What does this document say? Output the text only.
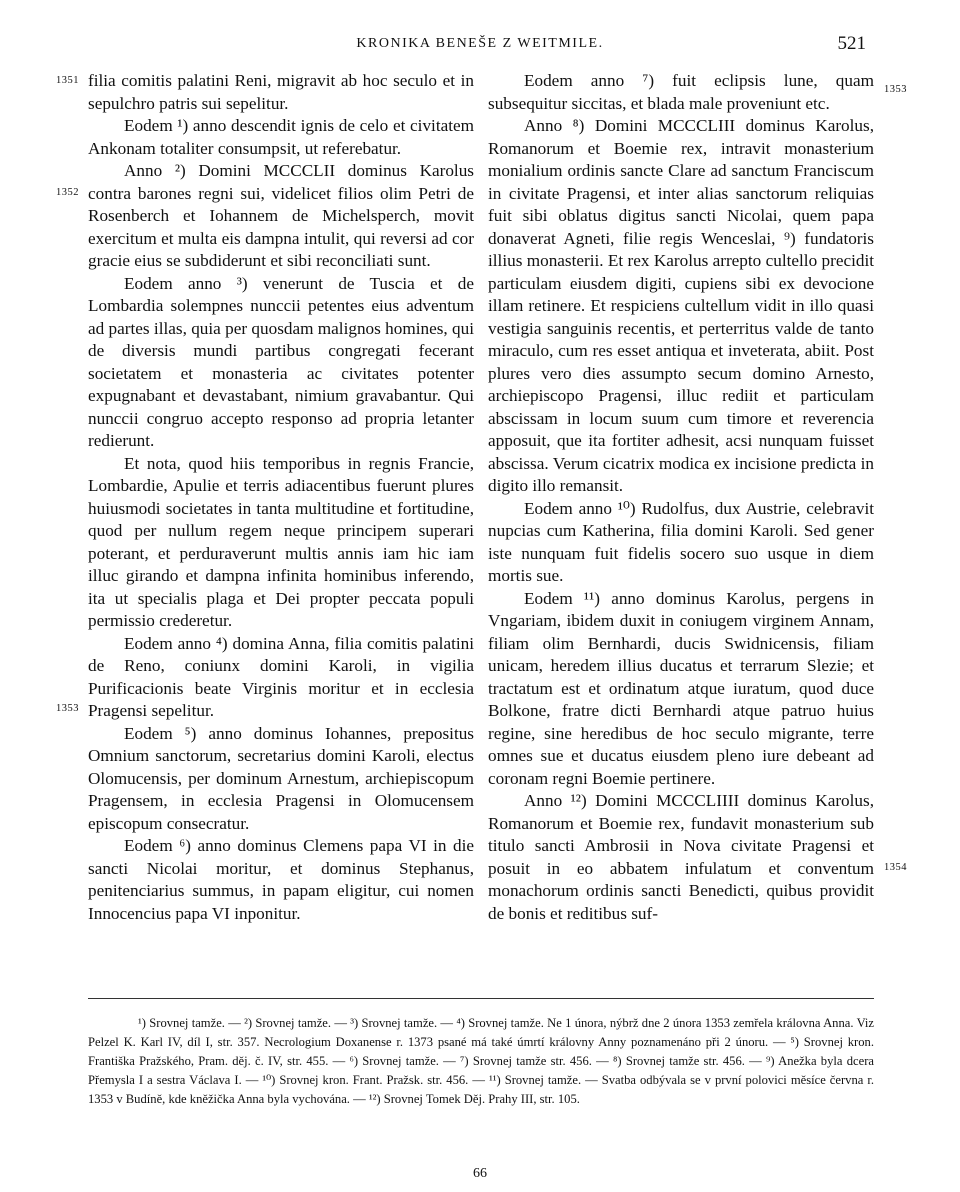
KRONIKA BENEŠE Z WEITMILE.	521
1351
1352
1353
1353
1354

filia comitis palatini Reni, migravit ab hoc seculo et in sepulchro patris sui sepelitur.

Eodem ¹) anno descendit ignis de celo et civitatem Ankonam totaliter consumpsit, ut referebatur.

Anno ²) Domini MCCCLII dominus Karolus contra barones regni sui, videlicet filios olim Petri de Rosenberch et Iohannem de Michelsperch, movit exercitum et multa eis dampna intulit, qui reversi ad cor gracie eius se subdiderunt et sibi reconciliati sunt.

Eodem anno ³) venerunt de Tuscia et de Lombardia solempnes nunccii petentes eius adventum ad partes illas, quia per quosdam malignos homines, qui de diversis mundi partibus congregati fecerant societatem et monasteria ac civitates potenter expugnabant et devastabant, nimium gravabantur. Qui nunccii congruo accepto responso ad propria letanter redierunt.

Et nota, quod hiis temporibus in regnis Francie, Lombardie, Apulie et terris adiacentibus fuerunt plures huiusmodi societates in tanta multitudine et fortitudine, quod per nullum regem neque principem superari poterant, et perduraverunt multis annis iam hic iam illuc girando et dampna infinita hominibus inferendo, ita ut specialis plaga et Dei propter peccata populi permissio crederetur.

Eodem anno ⁴) domina Anna, filia comitis palatini de Reno, coniunx domini Karoli, in vigilia Purificacionis beate Virginis moritur et in ecclesia Pragensi sepelitur.

Eodem ⁵) anno dominus Iohannes, prepositus Omnium sanctorum, secretarius domini Karoli, electus Olomucensis, per dominum Arnestum, archiepiscopum Pragensem, in ecclesia Pragensi in Olomucensem episcopum consecratur.

Eodem ⁶) anno dominus Clemens papa VI in die sancti Nicolai moritur, et dominus Stephanus, penitenciarius summus, in papam eligitur, cui nomen Innocencius papa VI inponitur.

Eodem anno ⁷) fuit eclipsis lune, quam subsequitur siccitas, et blada male proveniunt etc.

Anno ⁸) Domini MCCCLIII dominus Karolus, Romanorum et Boemie rex, intravit monasterium monialium ordinis sancte Clare ad sanctum Franciscum in civitate Pragensi, et inter alias sanctorum reliquias fuit sibi oblatus digitus sancti Nicolai, quem papa donaverat Agneti, filie regis Wenceslai, ⁹) fundatoris illius monasterii. Et rex Karolus arrepto cultello precidit particulam eiusdem digiti, cupiens sibi ex devocione illam retinere. Et respiciens cultellum vidit in illo quasi vestigia sanguinis recentis, et perterritus valde de tanto miraculo, cum res esset antiqua et inveterata, abiit. Post plures vero dies assumpto secum domino Arnesto, archiepiscopo Pragensi, illuc rediit et particulam abscissam in locum suum cum timore et reverencia apposuit, que ita fortiter adhesit, acsi nunquam fuisset abscissa. Verum cicatrix modica ex incisione predicta in digito illo remansit.

Eodem anno ¹⁰) Rudolfus, dux Austrie, celebravit nupcias cum Katherina, filia domini Karoli. Sed gener iste nunquam fuit fidelis socero suo usque in diem mortis sue.

Eodem ¹¹) anno dominus Karolus, pergens in Vngariam, ibidem duxit in coniugem virginem Annam, filiam olim Bernhardi, ducis Swidnicensis, filiam unicam, heredem illius ducatus et terrarum Slezie; et tractatum est et ordinatum atque iuratum, quod duce Bolkone, fratre dicti Bernhardi atque patruo huius regine, sine heredibus de hoc seculo migrante, terre omnes sue et ducatus eiusdem pleno iure debeant ad coronam regni Boemie pertinere.

Anno ¹²) Domini MCCCLIIII dominus Karolus, Romanorum et Boemie rex, fundavit monasterium sub titulo sancti Ambrosii in Nova civitate Pragensi et posuit in eo abbatem infulatum et conventum monachorum ordinis sancti Benedicti, quibus providit de bonis et reditibus suf-

¹) Srovnej tamže. — ²) Srovnej tamže. — ³) Srovnej tamže. — ⁴) Srovnej tamže. Ne 1 února, nýbrž dne 2 února 1353 zemřela královna Anna. Viz Pelzel K. Karl IV, díl I, str. 357. Necrologium Doxanense r. 1373 psané má také úmrtí královny Anny poznamenáno při 2 únoru. — ⁵) Srovnej kron. Františka Pražského, Pram. děj. č. IV, str. 455. — ⁶) Srovnej tamže. — ⁷) Srovnej tamže str. 456. — ⁸) Srovnej tamže str. 456. — ⁹) Anežka byla dcera Přemysla I a sestra Václava I. — ¹⁰) Srovnej kron. Frant. Pražsk. str. 456. — ¹¹) Srovnej tamže. — Svatba odbývala se v první polovici měsíce června r. 1353 v Budíně, kde kněžička Anna byla vychována. — ¹²) Srovnej Tomek Děj. Prahy III, str. 105.

66
